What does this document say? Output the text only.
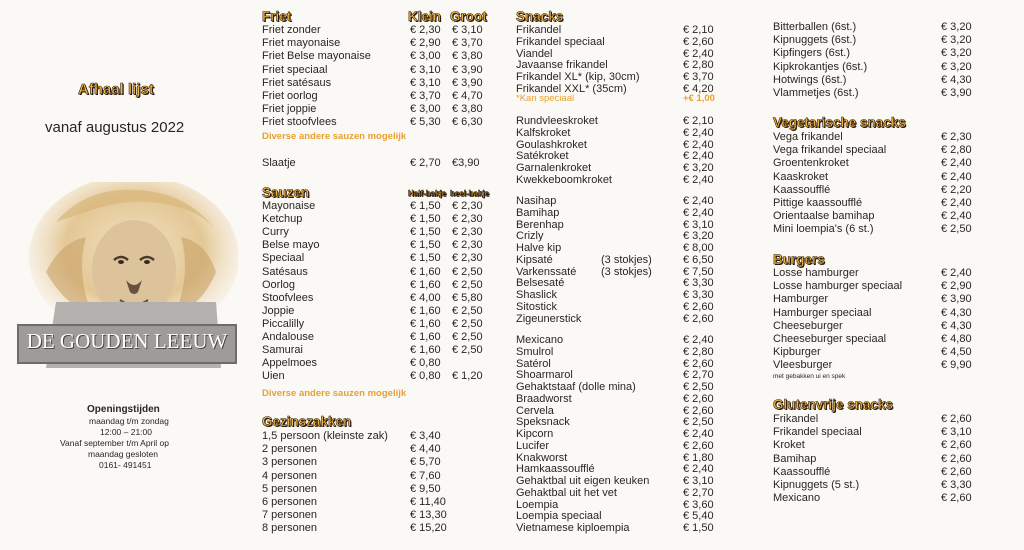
Afhaal lijst
vanaf augustus 2022
DE GOUDEN LEEUW
Openingstijden
maandag t/m zondag
12:00 – 21:00
Vanaf september t/m April op
maandag gesloten
0161- 491451
Friet	Klein Groot
Friet zonder	€ 2,30 € 3,10
Friet mayonaise	€ 2,90 € 3,70
Friet Belse mayonaise	€ 3,00 € 3,80
Friet speciaal	€ 3,10 € 3,90
Friet satésaus	€ 3,10 € 3,90
Friet oorlog	€ 3,70 € 4,70
Friet joppie	€ 3,00 € 3,80
Friet stoofvlees	€ 5,30 € 6,30
Diverse andere sauzen mogelijk
Slaatje	€ 2,70 €3,90
Sauzen	Half-bakje heel-bakje
Mayonaise	€ 1,50 € 2,30
Ketchup	€ 1,50 € 2,30
Curry	€ 1,50 € 2,30
Belse mayo	€ 1,50 € 2,30
Speciaal	€ 1,50 € 2,30
Satésaus	€ 1,60 € 2,50
Oorlog	€ 1,60 € 2,50
Stoofvlees	€ 4,00 € 5,80
Joppie	€ 1,60 € 2,50
Piccalilly	€ 1,60 € 2,50
Andalouse	€ 1,60 € 2,50
Samurai	€ 1,60 € 2,50
Appelmoes	€ 0,80
Uien	€ 0,80 € 1,20
Diverse andere sauzen mogelijk
Gezinszakken
1,5 persoon (kleinste zak) € 3,40
2 personen	€ 4,40
3 personen	€ 5,70
4 personen	€ 7,60
5 personen	€ 9,50
6 personen	€ 11,40
7 personen	€ 13,30
8 personen	€ 15,20
Snacks
Frikandel	€ 2,10
Frikandel speciaal	€ 2,60
Viandel	€ 2,40
Javaanse frikandel	€ 2,80
Frikandel XL* (kip, 30cm)	€ 3,70
Frikandel XXL* (35cm)	€ 4,20
Rundvleeskroket	€ 2,10
Kalfskroket	€ 2,40
Goulashkroket	€ 2,40
Satékroket	€ 2,40
Garnalenkroket	€ 3,20
Kwekkeboomkroket	€ 2,40
Nasihap	€ 2,40
Bamihap	€ 2,40
Berenhap	€ 3,10
Crizly	€ 3,20
Halve kip	€ 8,00
Kipsaté	(3 stokjes)	€ 6,50
Varkenssaté (3 stokjes)	€ 7,50
Belsesaté	€ 3,30
Shaslick	€ 3,30
Sitostick	€ 2,60
Zigeunerstick	€ 2,60
Mexicano	€ 2,40
Smulrol	€ 2,80
Satérol	€ 2,60
Shoarmarol	€ 2,70
Gehaktstaaf (dolle mina)	€ 2,50
Braadworst	€ 2,60
Cervela	€ 2,60
Speksnack	€ 2,50
Kipcorn	€ 2,40
Lucifer	€ 2,60
Knakworst	€ 1,80
Hamkaassoufflé	€ 2,40
Gehaktbal uit eigen keuken	€ 3,10
Gehaktbal uit het vet	€ 2,70
Loempia	€ 3,60
Loempia speciaal	€ 5,40
Vietnamese kiploempia	€ 1,50
*Kan speciaal	+€ 1,00
Bitterballen (6st.)	€ 3,20
Kipnuggets (6st.)	€ 3,20
Kipfingers (6st.)	€ 3,20
Kipkrokantjes (6st.)	€ 3,20
Hotwings (6st.)	€ 4,30
Vlammetjes (6st.)	€ 3,90
Vega frikandel	€ 2,30
Vega frikandel speciaal	€ 2,80
Groentenkroket	€ 2,40
Kaaskroket	€ 2,40
Kaassoufflé	€ 2,20
Pittige kaassoufflé	€ 2,40
Orientaalse bamihap	€ 2,40
Mini loempia's (6 st.)	€ 2,50
Losse hamburger	€ 2,40
Losse hamburger speciaal	€ 2,90
Hamburger	€ 3,90
Hamburger speciaal	€ 4,30
Cheeseburger	€ 4,30
Cheeseburger speciaal	€ 4,80
Kipburger	€ 4,50
Vleesburger	€ 9,90
Frikandel	€ 2,60
Frikandel speciaal	€ 3,10
Kroket	€ 2,60
Bamihap	€ 2,60
Kaassoufflé	€ 2,60
Kipnuggets (5 st.)	€ 3,30
Mexicano	€ 2,60
Vegetarische snacks
Burgers
met gebakken ui en spek
Glutenvrije snacks
